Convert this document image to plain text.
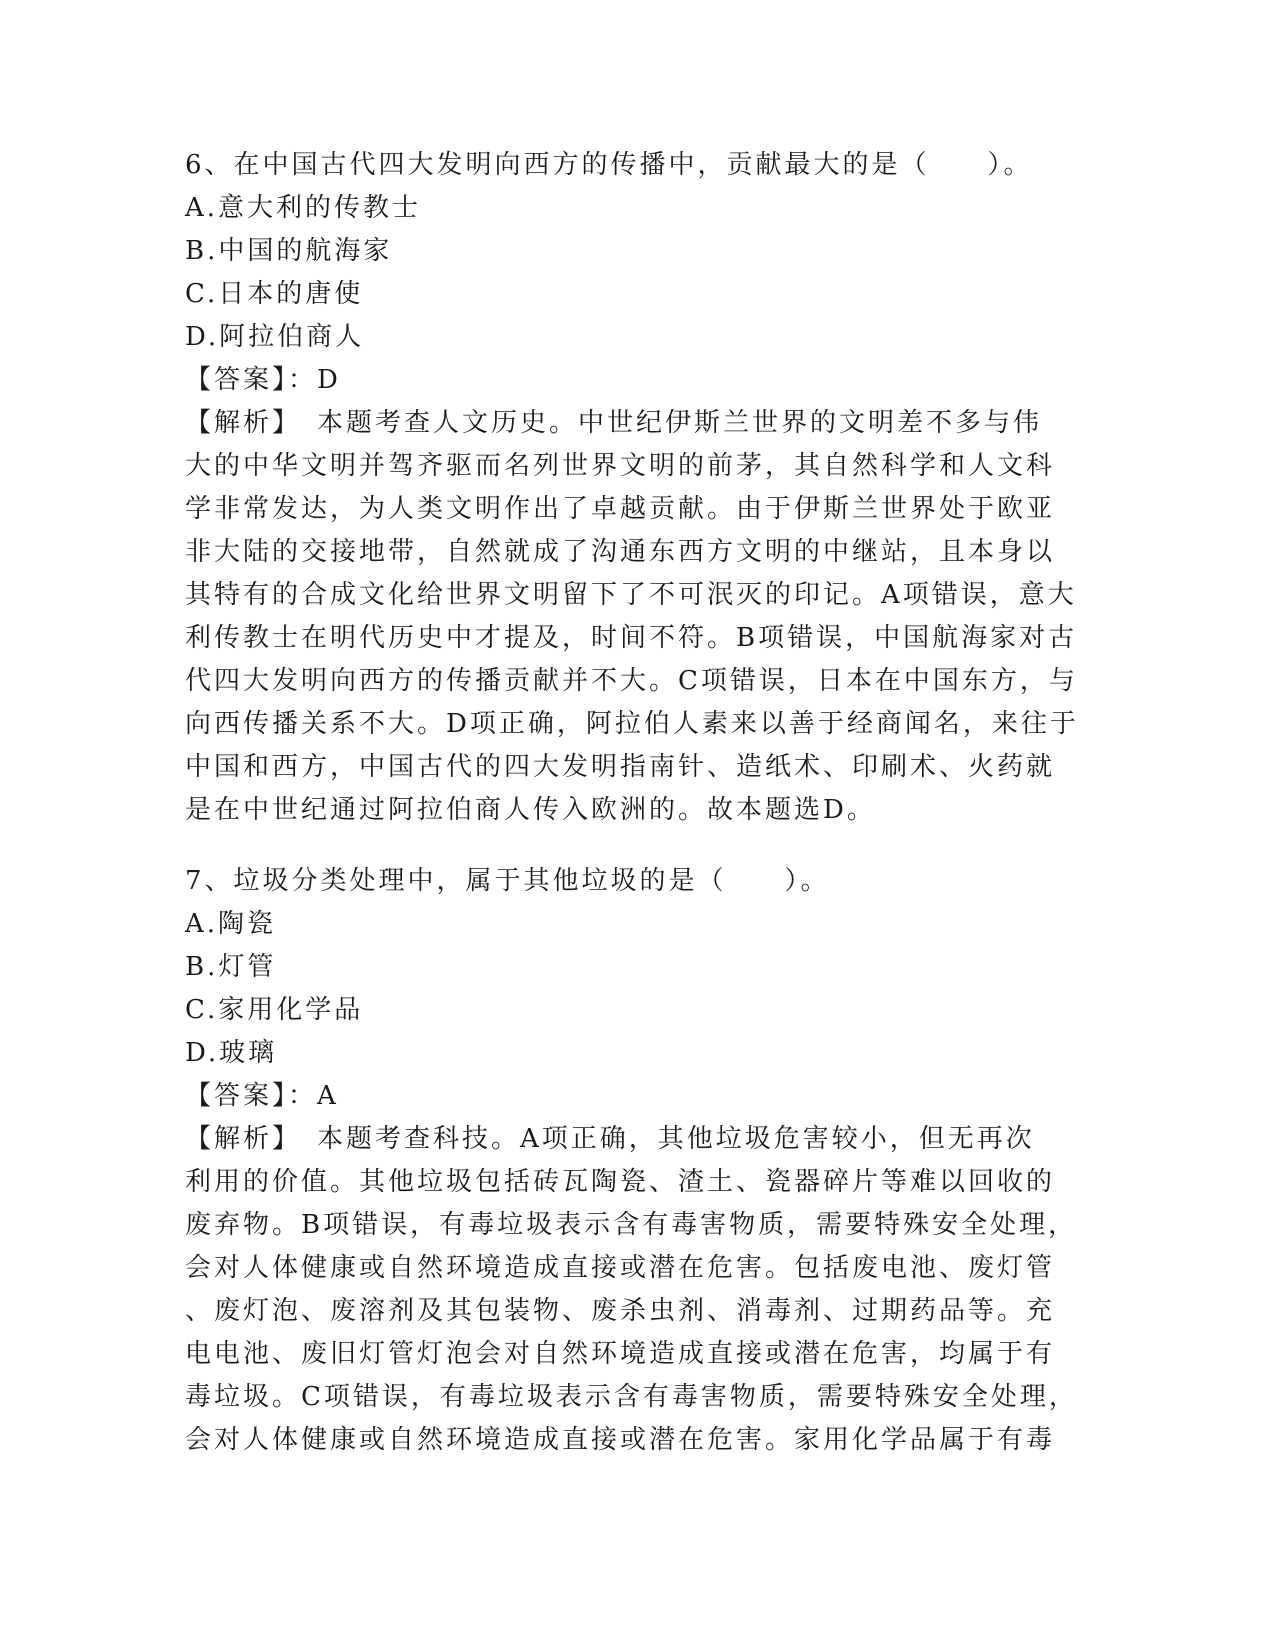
6、在中国古代四大发明向西方的传播中，贡献最大的是（　　）。
A.意大利的传教士
B.中国的航海家
C.日本的唐使
D.阿拉伯商人
【答案】：D
【解析】　本题考查人文历史。中世纪伊斯兰世界的文明差不多与伟
大的中华文明并驾齐驱而名列世界文明的前茅，其自然科学和人文科
学非常发达，为人类文明作出了卓越贡献。由于伊斯兰世界处于欧亚
非大陆的交接地带，自然就成了沟通东西方文明的中继站，且本身以
其特有的合成文化给世界文明留下了不可泯灭的印记。A项错误，意大
利传教士在明代历史中才提及，时间不符。B项错误，中国航海家对古
代四大发明向西方的传播贡献并不大。C项错误，日本在中国东方，与
向西传播关系不大。D项正确，阿拉伯人素来以善于经商闻名，来往于
中国和西方，中国古代的四大发明指南针、造纸术、印刷术、火药就
是在中世纪通过阿拉伯商人传入欧洲的。故本题选D。
7、垃圾分类处理中，属于其他垃圾的是（　　）。
A.陶瓷
B.灯管
C.家用化学品
D.玻璃
【答案】：A
【解析】　本题考查科技。A项正确，其他垃圾危害较小，但无再次
利用的价值。其他垃圾包括砖瓦陶瓷、渣土、瓷器碎片等难以回收的
废弃物。B项错误，有毒垃圾表示含有毒害物质，需要特殊安全处理，
会对人体健康或自然环境造成直接或潜在危害。包括废电池、废灯管
、废灯泡、废溶剂及其包装物、废杀虫剂、消毒剂、过期药品等。充
电电池、废旧灯管灯泡会对自然环境造成直接或潜在危害，均属于有
毒垃圾。C项错误，有毒垃圾表示含有毒害物质，需要特殊安全处理，
会对人体健康或自然环境造成直接或潜在危害。家用化学品属于有毒
